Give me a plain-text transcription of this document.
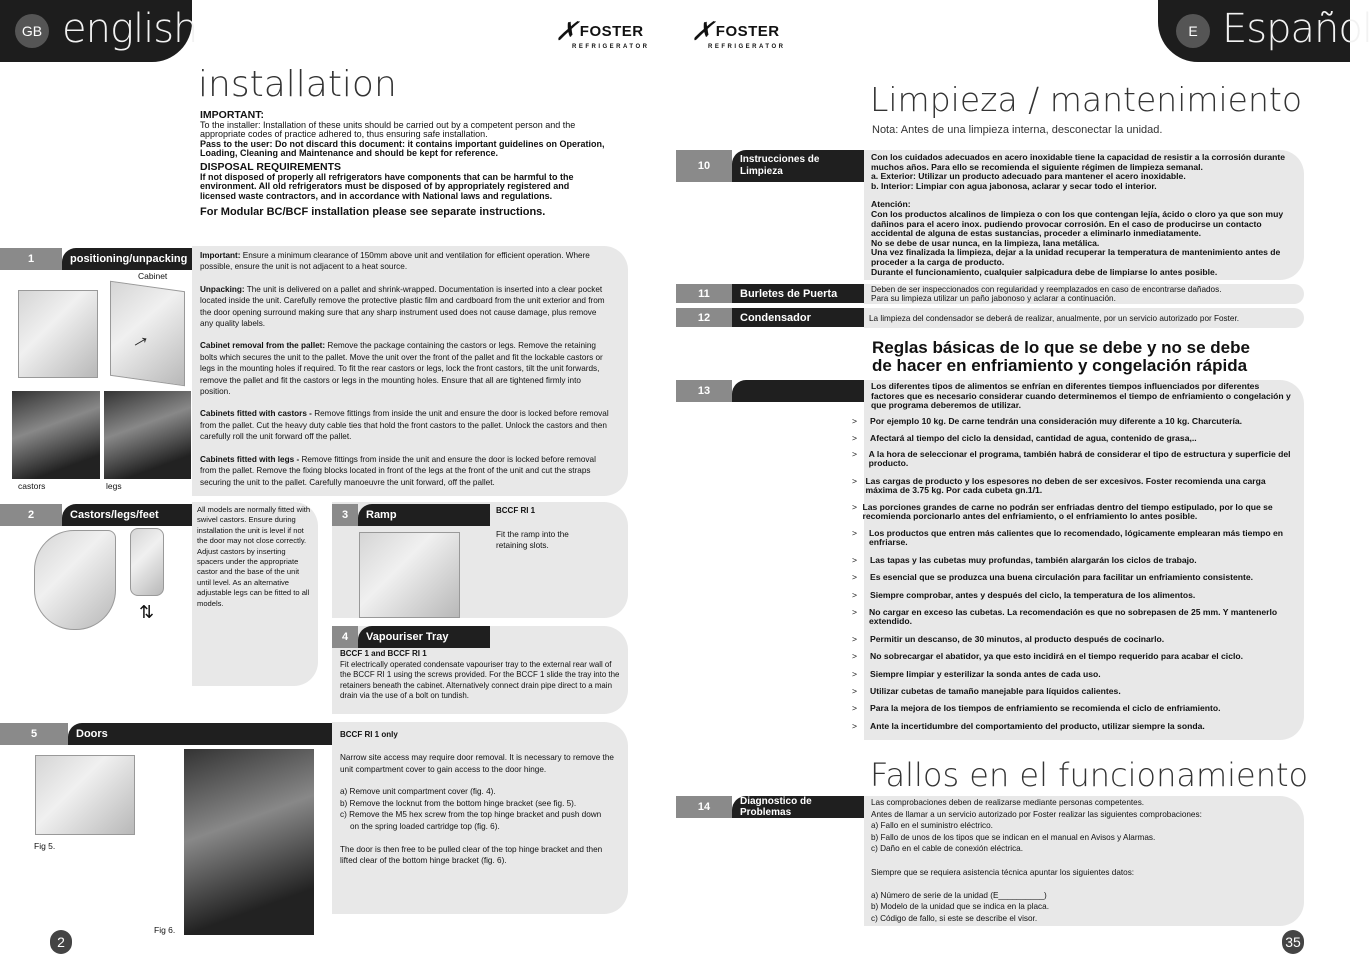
GB english	✗
FOSTER
REFRIGERATOR
✗
FOSTER
REFRIGERATOR
installation
IMPORTANT:
To the installer: Installation of these units should be carried out by a competent person and the appropriate codes of practice adhered to, thus ensuring safe installation.
Pass to the user: Do not discard this document: it contains important guidelines on Operation, Loading, Cleaning and Maintenance and should be kept for reference.
DISPOSAL REQUIREMENTS
If not disposed of properly all refrigerators have components that can be harmful to the environment. All old refrigerators must be disposed of by appropriately registered and licensed waste contractors, and in accordance with National laws and regulations.
For Modular BC/BCF installation please see separate instructions.
1	positioning/unpacking
Cabinet
→
castors	legs

Important: Ensure a minimum clearance of 150mm above unit and ventilation for efficient operation. Where possible, ensure the unit is not adjacent to a heat source.

Unpacking: The unit is delivered on a pallet and shrink-wrapped. Documentation is inserted into a clear pocket located inside the unit. Carefully remove the protective plastic film and cardboard from the unit exterior and from the door opening surround making sure that any sharp instrument used does not cause damage, plus remove any quality labels.

Cabinet removal from the pallet: Remove the package containing the castors or legs. Remove the retaining bolts which secures the unit to the pallet. Move the unit over the front of the pallet and fit the lockable castors or legs in the mounting holes if required. To fit the rear castors or legs, lock the front castors, tilt the unit forwards, remove the pallet and fit the castors or legs in the mounting holes. Ensure that all are tightened firmly into position.

Cabinets fitted with castors - Remove fittings from inside the unit and ensure the door is locked before removal from the pallet. Cut the heavy duty cable ties that hold the front castors to the pallet. Unlock the castors and then carefully roll the unit forward off the pallet.

Cabinets fitted with legs - Remove fittings from inside the unit and ensure the door is locked before removal from the pallet. Remove the fixing blocks located in front of the legs at the front of the unit and cut the straps securing the unit to the pallet. Carefully manoeuvre the unit forward, off the pallet.

2	Castors/legs/feet
⇅
All models are normally fitted with swivel castors. Ensure during installation the unit is level if not the door may not close correctly. Adjust castors by inserting spacers under the appropriate castor and the base of the unit until level. As an alternative adjustable legs can be fitted to all models.
3	Ramp	BCCF RI 1
Fit the ramp into the retaining slots.
4	Vapouriser Tray
BCCF 1 and BCCF RI 1
Fit electrically operated condensate vapouriser tray to the external rear wall of the BCCF RI 1 using the screws provided. For the BCCF 1 slide the tray into the retainers beneath the cabinet. Alternatively connect drain pipe direct to a main drain via the use of a bolt on tundish.
5	Doors	BCCF RI 1 only

Narrow site access may require door removal. It is necessary to remove the unit compartment cover to gain access to the door hinge.

a) Remove unit compartment cover (fig. 4).

b) Remove the locknut from the bottom hinge bracket (see fig. 5).

c) Remove the M5 hex screw from the top hinge bracket and push down

on the spring loaded cartridge top (fig. 6).

The door is then free to be pulled clear of the top hinge bracket and then lifted clear of the bottom hinge bracket (fig. 6).

Fig 5.
Fig 6.
2
E Español
Limpieza / mantenimiento
Nota: Antes de una limpieza interna, desconectar la unidad.
10
Instrucciones de
Limpieza

Con los cuidados adecuados en acero inoxidable tiene la capacidad de resistir a la corrosión durante muchos años. Para ello se recomienda el siguiente régimen de limpieza semanal.

a. Exterior: Utilizar un producto adecuado para mantener el acero inoxidable.

b. Interior: Limpiar con agua jabonosa, aclarar y secar todo el interior.

Atención:

Con los productos alcalinos de limpieza o con los que contengan lejía, ácido o cloro ya que son muy dañinos para el acero inox. pudiendo provocar corrosión. En el caso de producirse un contacto accidental de alguna de estas sustancias, proceder a eliminarlo inmediatamente.

No se debe de usar nunca, en la limpieza, lana metálica.

Una vez finalizada la limpieza, dejar a la unidad recuperar la temperatura de mantenimiento antes de proceder a la carga de producto.

Durante el funcionamiento, cualquier salpicadura debe de limpiarse lo antes posible.

11	Burletes de Puerta	Deben de ser inspeccionados con regularidad y reemplazados en caso de encontrarse dañados.

Para su limpieza utilizar un paño jabonoso y aclarar a continuación.

12	Condensador	La limpieza del condensador se deberá de realizar, anualmente, por un servicio autorizado por Foster.
Reglas básicas de lo que se debe y no se debe
de hacer en enfriamiento y congelación rápida
13	Los diferentes tipos de alimentos se enfrían en diferentes tiempos influenciados por diferentes factores que es necesario considerar cuando determinemos el tiempo de enfriamiento o congelación y que programa deberemos de utilizar.
>	Por ejemplo 10 kg. De carne tendrán una consideración muy diferente a 10 kg. Charcutería.
>	Afectará al tiempo del ciclo la densidad, cantidad de agua, contenido de grasa,..
>	A la hora de seleccionar el programa, también habrá de considerar el tipo de estructura y superficie del producto.
> Las cargas de producto y los espesores no deben de ser excesivos. Foster recomienda una carga máxima de 3.75 kg. Por cada cubeta gn.1/1.
> Las porciones grandes de carne no podrán ser enfriadas dentro del tiempo estipulado, por lo que se recomienda porcionarlo antes del enfriamiento, o el enfriamiento lo antes posible.
>	Los productos que entren más calientes que lo recomendado, lógicamente emplearan más tiempo en enfriarse.
>	Las tapas y las cubetas muy profundas, también alargarán los ciclos de trabajo.
>	Es esencial que se produzca una buena circulación para facilitar un enfriamiento consistente.
>	Siempre comprobar, antes y después del ciclo, la temperatura de los alimentos.
>	No cargar en exceso las cubetas. La recomendación es que no sobrepasen de 25 mm. Y mantenerlo extendido.
>	Permitir un descanso, de 30 minutos, al producto después de cocinarlo.
>	No sobrecargar el abatidor, ya que esto incidirá en el tiempo requerido para acabar el ciclo.
>	Siempre limpiar y esterilizar la sonda antes de cada uso.
>	Utilizar cubetas de tamaño manejable para líquidos calientes.
>	Para la mejora de los tiempos de enfriamiento se recomienda el ciclo de enfriamiento.
>	Ante la incertidumbre del comportamiento del producto, utilizar siempre la sonda.
Fallos en el funcionamiento
14	Diagnostico de Problemas

Las comprobaciones deben de realizarse mediante personas competentes.

Antes de llamar a un servicio autorizado por Foster realizar las siguientes comprobaciones:

a) Fallo en el suministro eléctrico.

b) Fallo de unos de los tipos que se indican en el manual en Avisos y Alarmas.

c) Daño en el cable de conexión eléctrica.

Siempre que se requiera asistencia técnica apuntar los siguientes datos:

a) Número de serie de la unidad (E__________)

b) Modelo de la unidad que se indica en la placa.

c) Código de fallo, si este se describe el visor.

35
